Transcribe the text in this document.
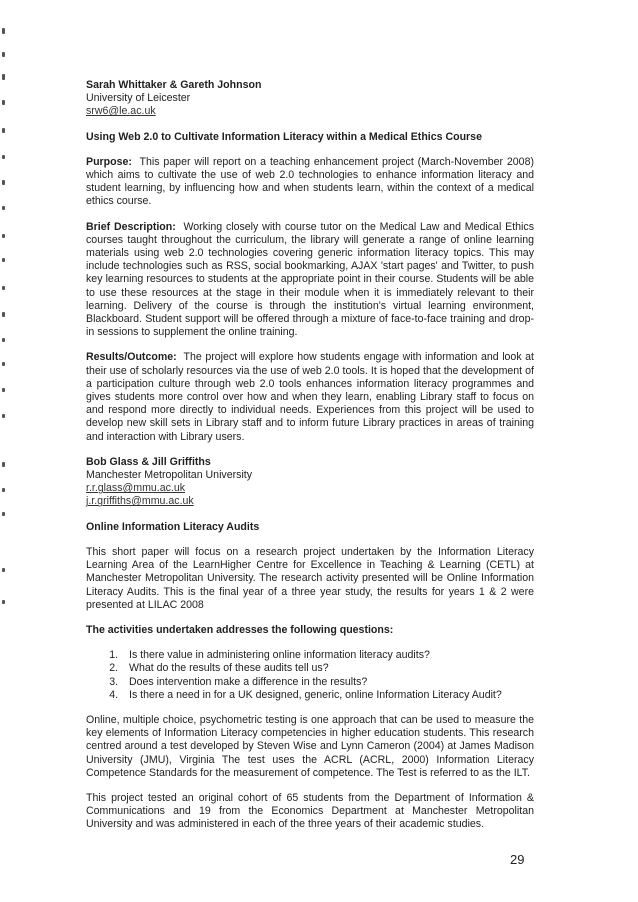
Sarah Whittaker & Gareth Johnson

University of Leicester

srw6@le.ac.uk

Using Web 2.0 to Cultivate Information Literacy within a Medical Ethics Course

Purpose: This paper will report on a teaching enhancement project (March-November 2008) which aims to cultivate the use of web 2.0 technologies to enhance information literacy and student learning, by influencing how and when students learn, within the context of a medical ethics course.

Brief Description: Working closely with course tutor on the Medical Law and Medical Ethics courses taught throughout the curriculum, the library will generate a range of online learning materials using web 2.0 technologies covering generic information literacy topics. This may include technologies such as RSS, social bookmarking, AJAX 'start pages' and Twitter, to push key learning resources to students at the appropriate point in their course. Students will be able to use these resources at the stage in their module when it is immediately relevant to their learning. Delivery of the course is through the institution's virtual learning environment, Blackboard. Student support will be offered through a mixture of face-to-face training and drop-in sessions to supplement the online training.

Results/Outcome: The project will explore how students engage with information and look at their use of scholarly resources via the use of web 2.0 tools. It is hoped that the development of a participation culture through web 2.0 tools enhances information literacy programmes and gives students more control over how and when they learn, enabling Library staff to focus on and respond more directly to individual needs. Experiences from this project will be used to develop new skill sets in Library staff and to inform future Library practices in areas of training and interaction with Library users.

Bob Glass & Jill Griffiths

Manchester Metropolitan University

r.r.glass@mmu.ac.uk

j.r.griffiths@mmu.ac.uk

Online Information Literacy Audits

This short paper will focus on a research project undertaken by the Information Literacy Learning Area of the LearnHigher Centre for Excellence in Teaching & Learning (CETL) at Manchester Metropolitan University. The research activity presented will be Online Information Literacy Audits. This is the final year of a three year study, the results for years 1 & 2 were presented at LILAC 2008

The activities undertaken addresses the following questions:

1. Is there value in administering online information literacy audits?
2. What do the results of these audits tell us?
3. Does intervention make a difference in the results?
4. Is there a need in for a UK designed, generic, online Information Literacy Audit?

Online, multiple choice, psychometric testing is one approach that can be used to measure the key elements of Information Literacy competencies in higher education students. This research centred around a test developed by Steven Wise and Lynn Cameron (2004) at James Madison University (JMU), Virginia The test uses the ACRL (ACRL, 2000) Information Literacy Competence Standards for the measurement of competence. The Test is referred to as the ILT.

This project tested an original cohort of 65 students from the Department of Information & Communications and 19 from the Economics Department at Manchester Metropolitan University and was administered in each of the three years of their academic studies.

29
